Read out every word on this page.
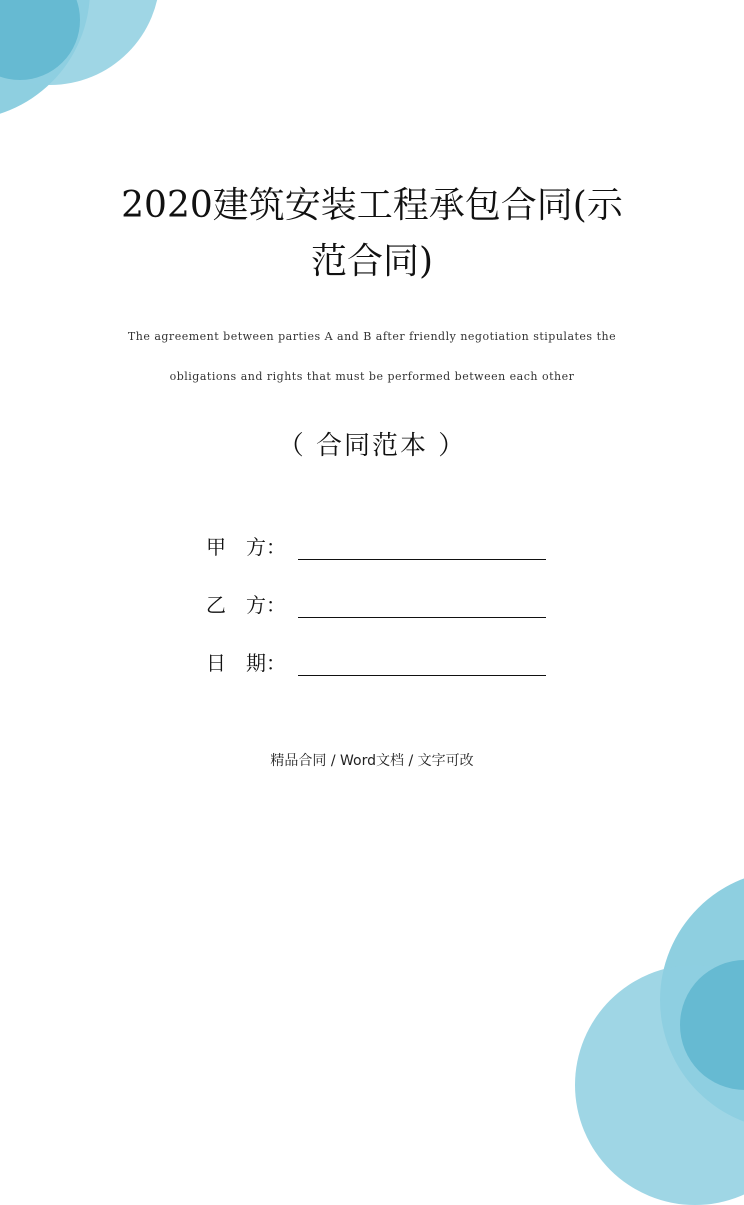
2020建筑安装工程承包合同(示
范合同)

The agreement between parties A and B after friendly negotiation stipulates the

obligations and rights that must be performed between each other

（ 合同范本 ）
甲　方：
乙　方：
日　期：
精品合同 / Word文档 / 文字可改
